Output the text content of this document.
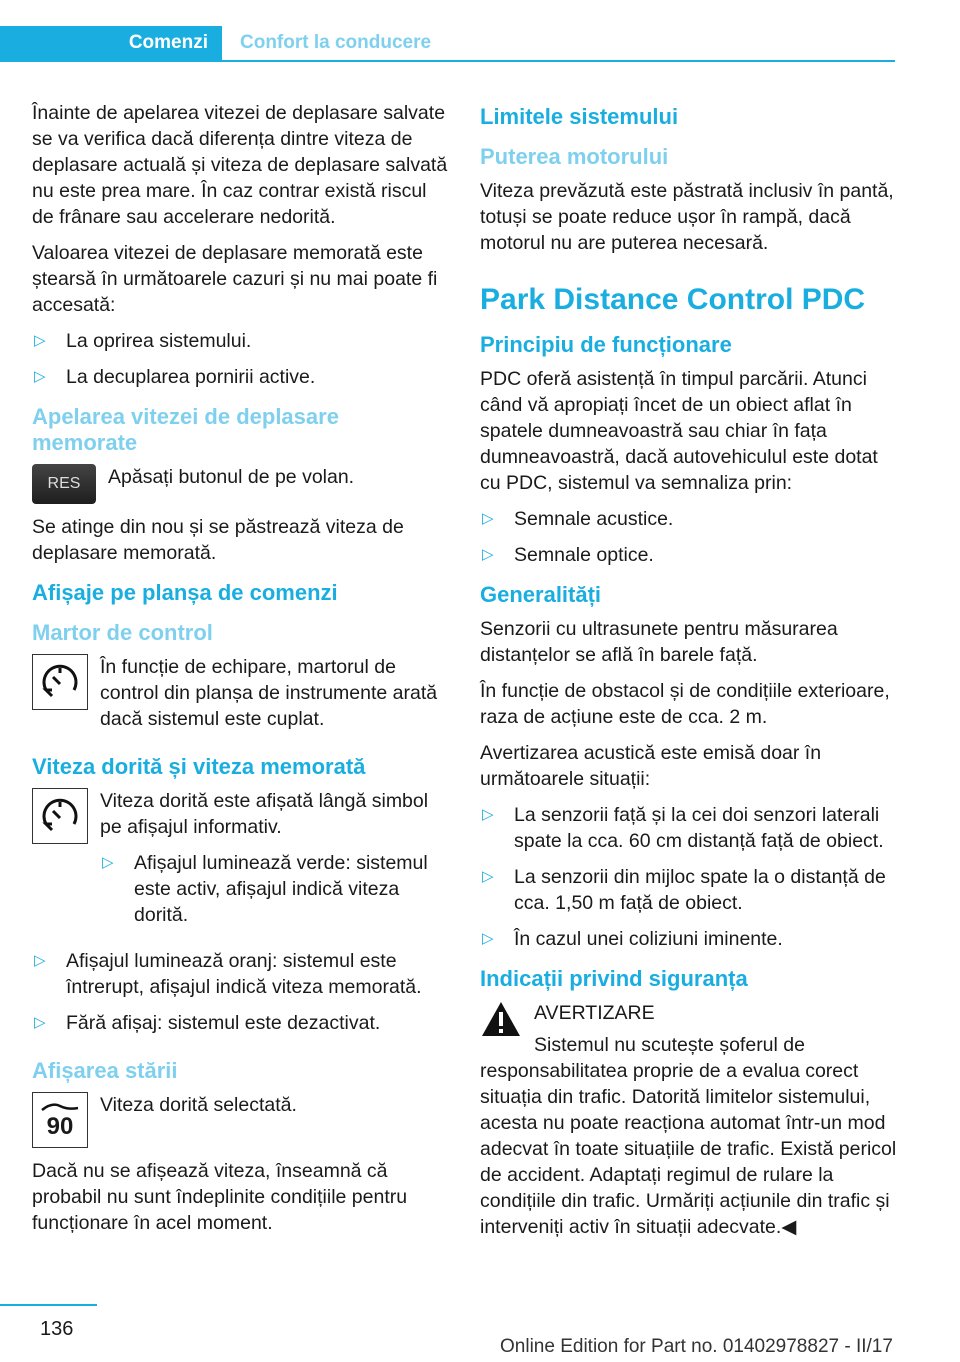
Comenzi Confort la conducere

Înainte de apelarea vitezei de deplasare salvate se va verifica dacă diferența dintre viteza de deplasare actuală și viteza de deplasare salvată nu este prea mare. În caz contrar există riscul de frânare sau accelerare nedorită.

Valoarea vitezei de deplasare memorată este ștearsă în următoarele cazuri și nu mai poate fi accesată:

▷ La oprirea sistemului.
▷ La decuplarea pornirii active.
Apelarea vitezei de deplasare memorate
RES	Apăsați butonul de pe volan.

Se atinge din nou și se păstrează viteza de deplasare memorată.

Afișaje pe planșa de comenzi
Martor de control
În funcție de echipare, martorul de control din planșa de instrumente arată dacă sistemul este cuplat.
Viteza dorită și viteza memorată

Viteza dorită este afișată lângă simbol pe afișajul informativ.

▷ Afișajul luminează verde: sistemul este activ, afișajul indică viteza dorită.
▷ Afișajul luminează oranj: sistemul este întrerupt, afișajul indică viteza memorată.
▷ Fără afișaj: sistemul este dezactivat.
Afișarea stării
90
Viteza dorită selectată.

Dacă nu se afișează viteza, înseamnă că probabil nu sunt îndeplinite condițiile pentru funcționare în acel moment.

Limitele sistemului
Puterea motorului

Viteza prevăzută este păstrată inclusiv în pantă, totuși se poate reduce ușor în rampă, dacă motorul nu are puterea necesară.

Park Distance Control PDC
Principiu de funcționare

PDC oferă asistență în timpul parcării. Atunci când vă apropiați încet de un obiect aflat în spatele dumneavoastră sau chiar în fața dumneavoastră, dacă autovehiculul este dotat cu PDC, sistemul va semnaliza prin:

▷ Semnale acustice.
▷ Semnale optice.
Generalități

Senzorii cu ultrasunete pentru măsurarea distanțelor se află în barele față.

În funcție de obstacol și de condițiile exterioare, raza de acțiune este de cca. 2 m.

Avertizarea acustică este emisă doar în următoarele situații:

▷ La senzorii față și la cei doi senzori laterali spate la cca. 60 cm distanță față de obiect.
▷ La senzorii din mijloc spate la o distanță de cca. 1,50 m față de obiect.
▷ În cazul unei coliziuni iminente.
Indicații privind siguranța
AVERTIZARE

Sistemul nu scutește șoferul de responsabilitatea proprie de a evalua corect situația din trafic. Datorită limitelor sistemului, acesta nu poate reacționa automat într-un mod adecvat în toate situațiile de trafic. Există pericol de accident. Adaptați regimul de rulare la condițiile din trafic. Urmăriți acțiunile din trafic și interveniți activ în situații adecvate.◀

136
Online Edition for Part no. 01402978827 - II/17
